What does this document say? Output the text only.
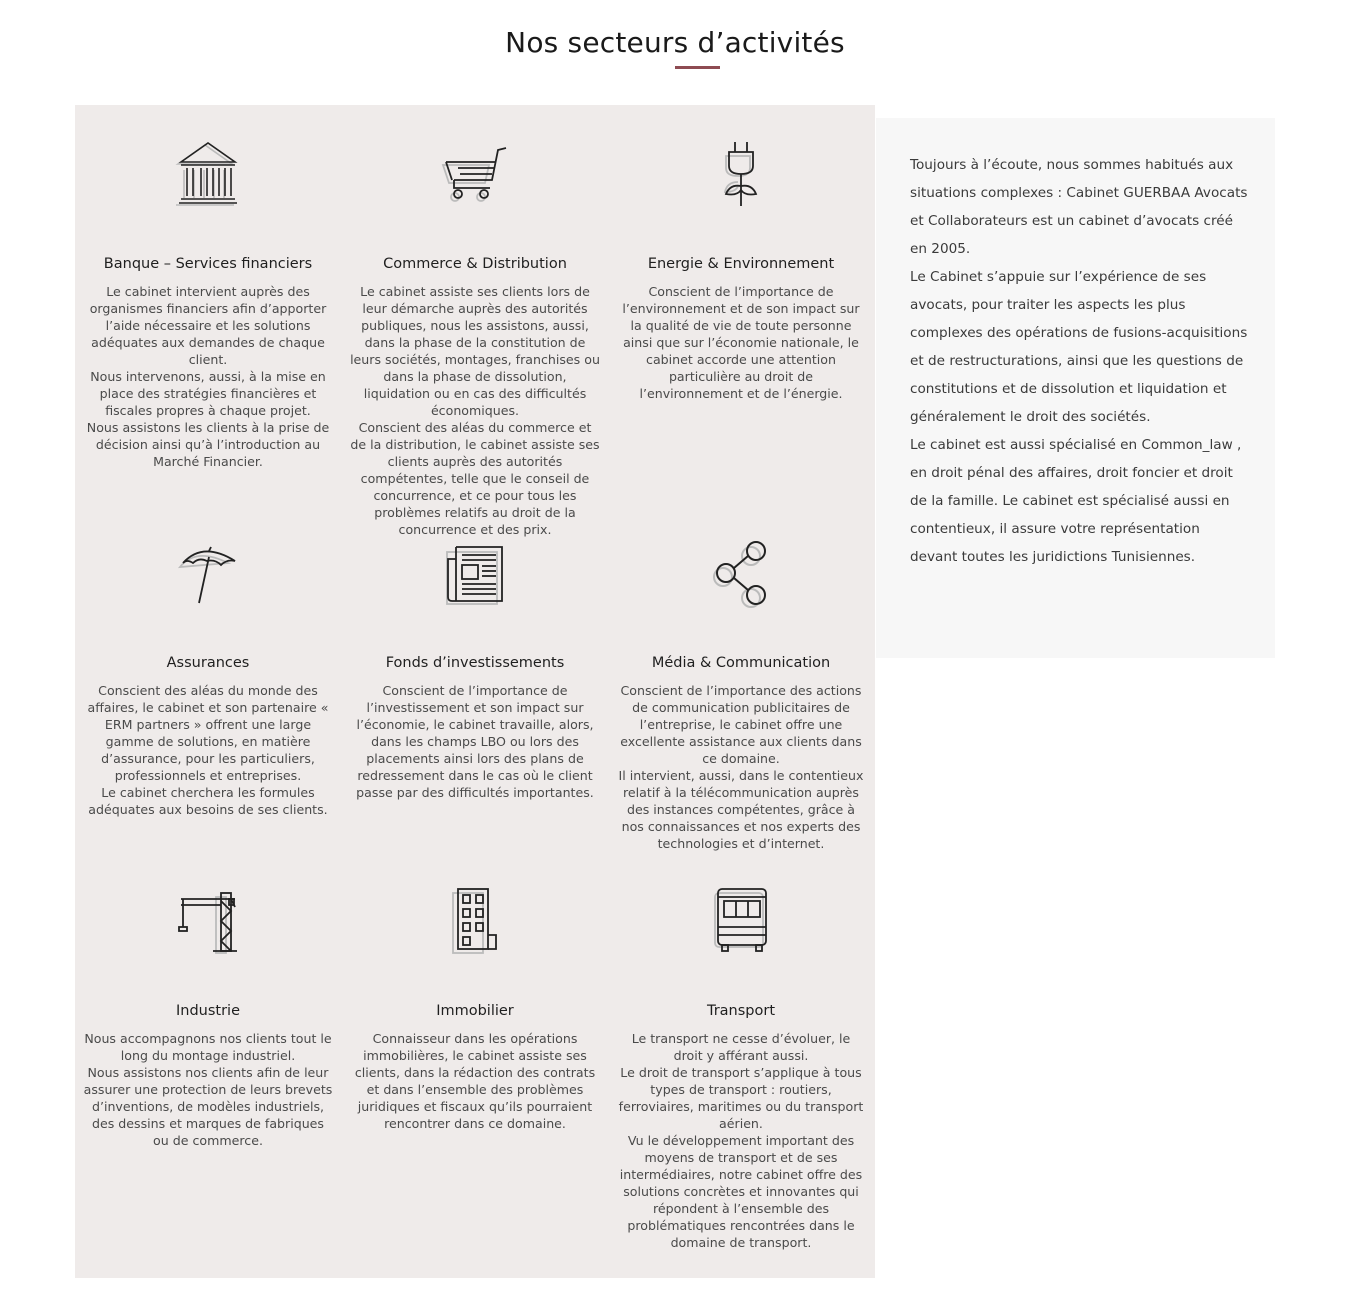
Nos secteurs d’activités
Banque – Services financiers

Le cabinet intervient auprès des organismes financiers afin d’apporter l’aide nécessaire et les solutions adéquates aux demandes de chaque client.

Nous intervenons, aussi, à la mise en place des stratégies financières et fiscales propres à chaque projet.

Nous assistons les clients à la prise de décision ainsi qu’à l’introduction au Marché Financier.

Commerce & Distribution

Le cabinet assiste ses clients lors de leur démarche auprès des autorités publiques, nous les assistons, aussi, dans la phase de la constitution de leurs sociétés, montages, franchises ou dans la phase de dissolution, liquidation ou en cas des difficultés économiques.

Conscient des aléas du commerce et de la distribution, le cabinet assiste ses clients auprès des autorités compétentes, telle que le conseil de concurrence, et ce pour tous les problèmes relatifs au droit de la concurrence et des prix.

Energie & Environnement

Conscient de l’importance de l’environnement et de son impact sur la qualité de vie de toute personne ainsi que sur l’économie nationale, le cabinet accorde une attention particulière au droit de l’environnement et de l’énergie.

Assurances

Conscient des aléas du monde des affaires, le cabinet et son partenaire « ERM partners » offrent une large gamme de solutions, en matière d’assurance, pour les particuliers, professionnels et entreprises.

Le cabinet cherchera les formules adéquates aux besoins de ses clients.

Fonds d’investissements

Conscient de l’importance de l’investissement et son impact sur l’économie, le cabinet travaille, alors, dans les champs LBO ou lors des placements ainsi lors des plans de redressement dans le cas où le client passe par des difficultés importantes.

Média & Communication

Conscient de l’importance des actions de communication publicitaires de l’entreprise, le cabinet offre une excellente assistance aux clients dans ce domaine.

Il intervient, aussi, dans le contentieux relatif à la télécommunication auprès des instances compétentes, grâce à nos connaissances et nos experts des technologies et d’internet.

Industrie

Nous accompagnons nos clients tout le long du montage industriel.

Nous assistons nos clients afin de leur assurer une protection de leurs brevets d’inventions, de modèles industriels, des dessins et marques de fabriques ou de commerce.

Immobilier

Connaisseur dans les opérations immobilières, le cabinet assiste ses clients, dans la rédaction des contrats et dans l’ensemble des problèmes juridiques et fiscaux qu’ils pourraient rencontrer dans ce domaine.

Transport

Le transport ne cesse d’évoluer, le droit y afférant aussi.

Le droit de transport s’applique à tous types de transport : routiers, ferroviaires, maritimes ou du transport aérien.

Vu le développement important des moyens de transport et de ses intermédiaires, notre cabinet offre des solutions concrètes et innovantes qui répondent à l’ensemble des problématiques rencontrées dans le domaine de transport.

Toujours à l’écoute, nous sommes habitués aux situations complexes : Cabinet GUERBAA Avocats et Collaborateurs est un cabinet d’avocats créé en 2005.

Le Cabinet s’appuie sur l’expérience de ses avocats, pour traiter les aspects les plus complexes des opérations de fusions-acquisitions et de restructurations, ainsi que les questions de constitutions et de dissolution et liquidation et généralement le droit des sociétés.

Le cabinet est aussi spécialisé en Common_law , en droit pénal des affaires, droit foncier et droit de la famille. Le cabinet est spécialisé aussi en contentieux, il assure votre représentation devant toutes les juridictions Tunisiennes.
